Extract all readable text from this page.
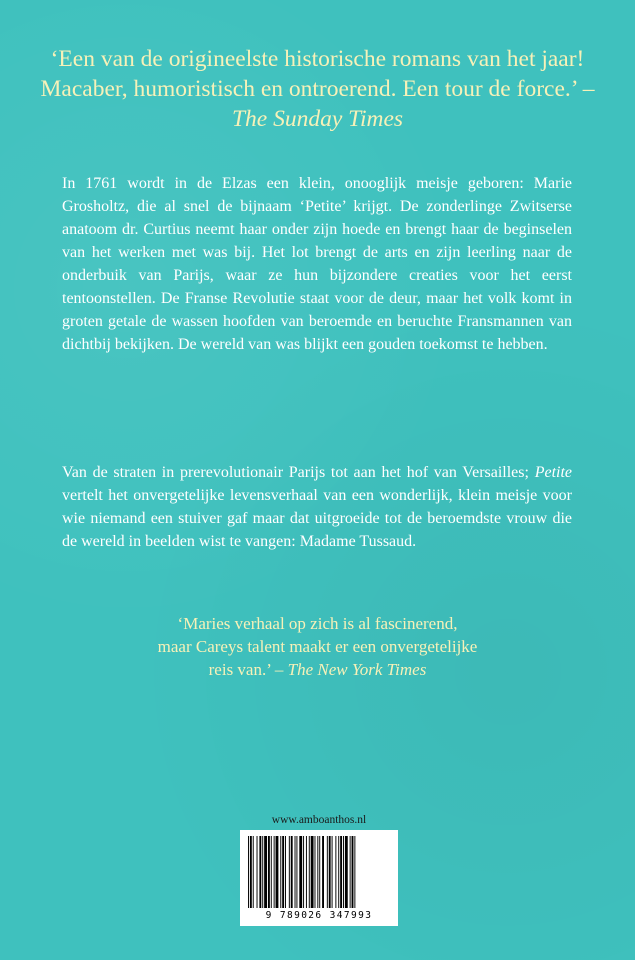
‘Een van de origineelste historische romans van het jaar! Macaber, humoristisch en ontroerend. Een tour de force.’ – The Sunday Times

In 1761 wordt in de Elzas een klein, onooglijk meisje geboren: Marie Grosholtz, die al snel de bijnaam ‘Petite’ krijgt. De zonderlinge Zwitserse anatoom dr. Curtius neemt haar onder zijn hoede en brengt haar de beginselen van het werken met was bij. Het lot brengt de arts en zijn leerling naar de onderbuik van Parijs, waar ze hun bijzondere creaties voor het eerst tentoonstellen. De Franse Revolutie staat voor de deur, maar het volk komt in groten getale de wassen hoofden van beroemde en beruchte Fransmannen van dichtbij bekijken. De wereld van was blijkt een gouden toekomst te hebben.

Van de straten in prerevolutionair Parijs tot aan het hof van Versailles; Petite vertelt het onvergetelijke levensverhaal van een wonderlijk, klein meisje voor wie niemand een stuiver gaf maar dat uitgroeide tot de beroemdste vrouw die de wereld in beelden wist te vangen: Madame Tussaud.

‘Maries verhaal op zich is al fascinerend,
maar Careys talent maakt er een onvergetelijke
reis van.’ – The New York Times
www.amboanthos.nl
9 789026 347993
